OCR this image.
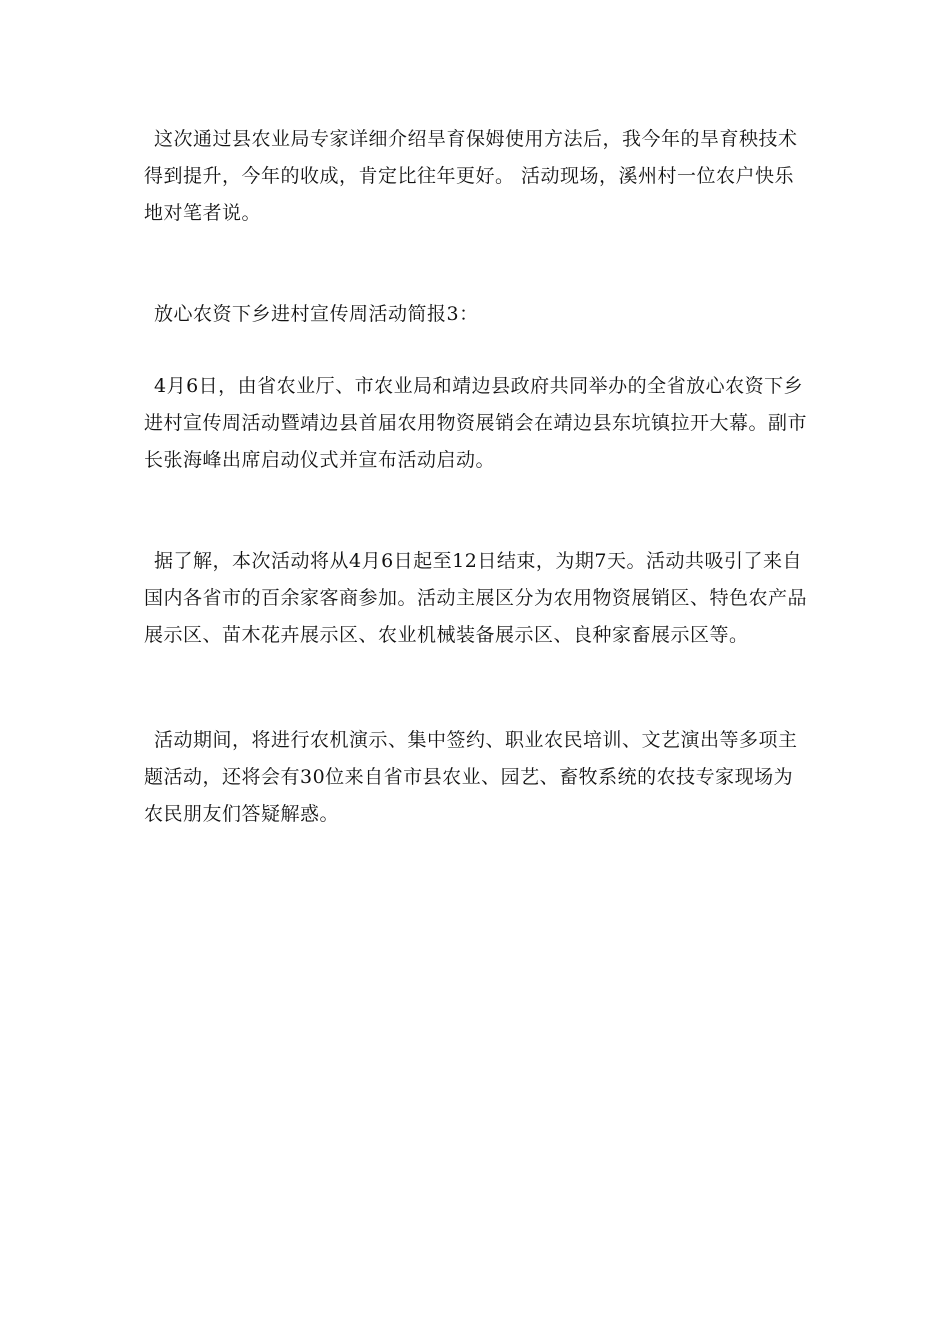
这次通过县农业局专家详细介绍旱育保姆使用方法后，我今年的旱育秧技术得到提升，今年的收成，肯定比往年更好。 活动现场，溪州村一位农户快乐地对笔者说。

放心农资下乡进村宣传周活动简报3：

4月6日，由省农业厅、市农业局和靖边县政府共同举办的全省放心农资下乡进村宣传周活动暨靖边县首届农用物资展销会在靖边县东坑镇拉开大幕。副市长张海峰出席启动仪式并宣布活动启动。

据了解，本次活动将从4月6日起至12日结束，为期7天。活动共吸引了来自国内各省市的百余家客商参加。活动主展区分为农用物资展销区、特色农产品展示区、苗木花卉展示区、农业机械装备展示区、良种家畜展示区等。

活动期间，将进行农机演示、集中签约、职业农民培训、文艺演出等多项主题活动，还将会有30位来自省市县农业、园艺、畜牧系统的农技专家现场为农民朋友们答疑解惑。
